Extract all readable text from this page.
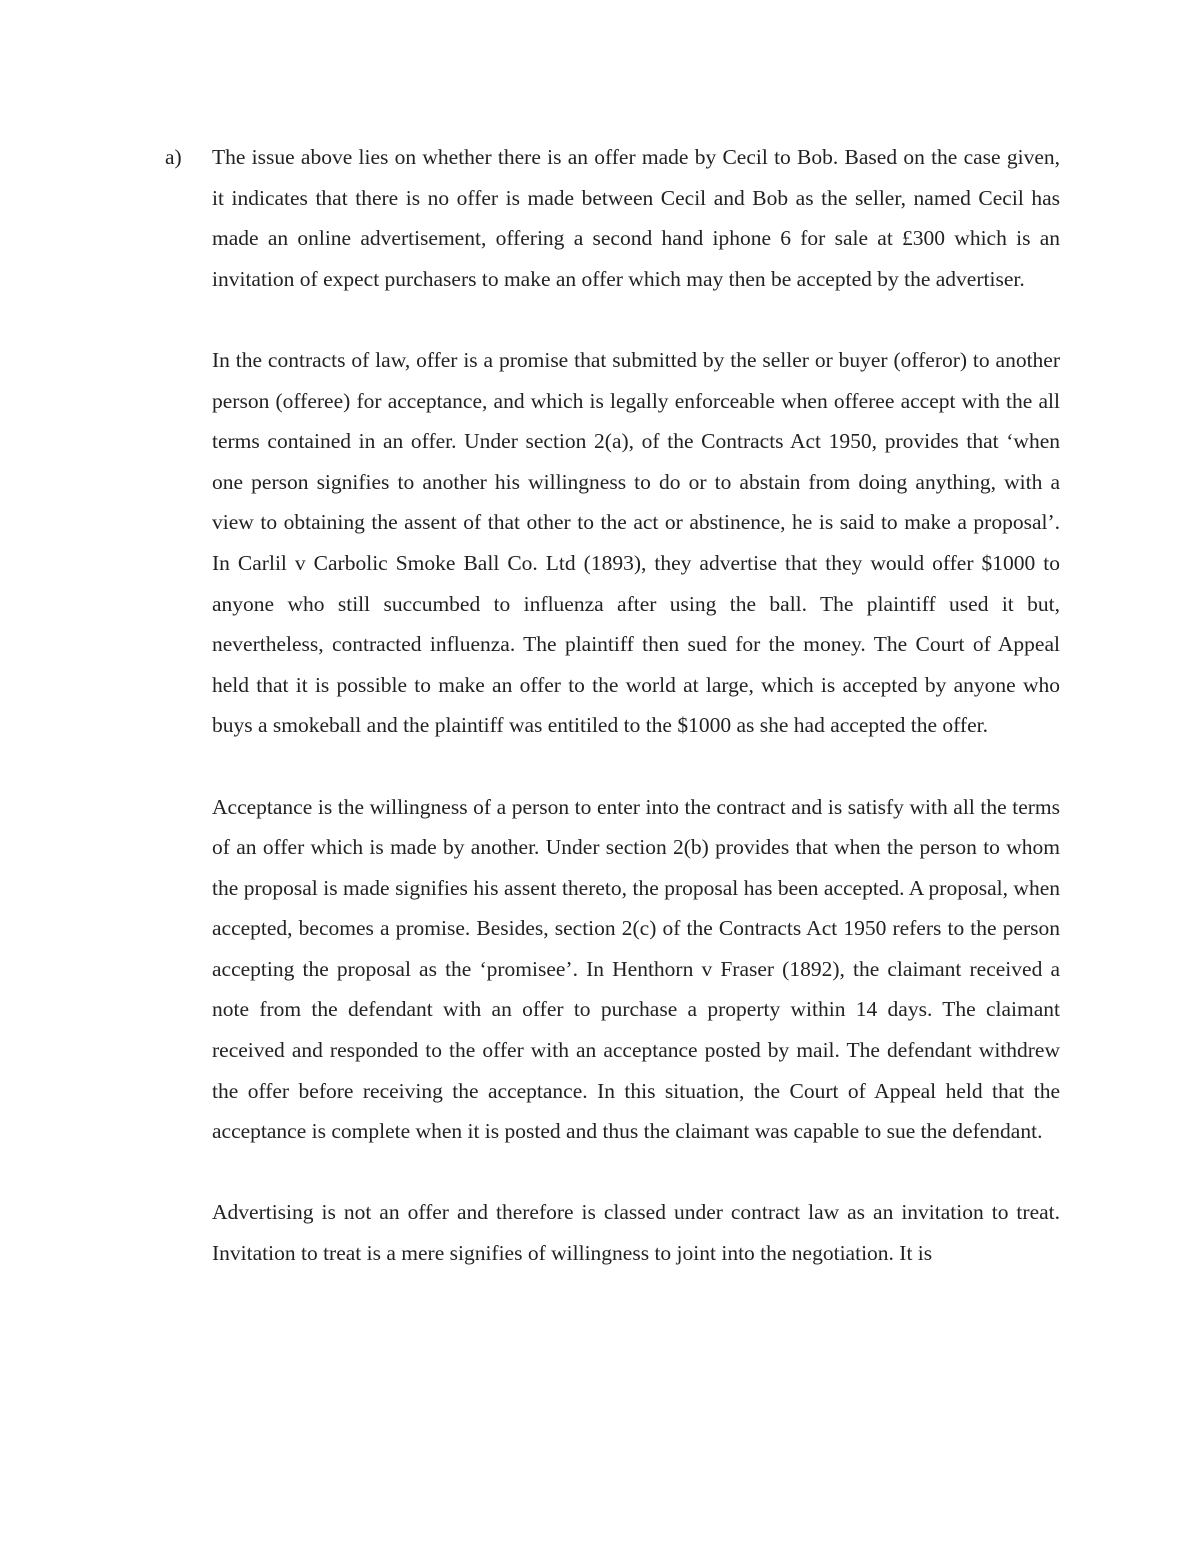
a)	The issue above lies on whether there is an offer made by Cecil to Bob. Based on the case given, it indicates that there is no offer is made between Cecil and Bob as the seller, named Cecil has made an online advertisement, offering a second hand iphone 6 for sale at £300 which is an invitation of expect purchasers to make an offer which may then be accepted by the advertiser.

In the contracts of law, offer is a promise that submitted by the seller or buyer (offeror) to another person (offeree) for acceptance, and which is legally enforceable when offeree accept with the all terms contained in an offer. Under section 2(a), of the Contracts Act 1950, provides that ‘when one person signifies to another his willingness to do or to abstain from doing anything, with a view to obtaining the assent of that other to the act or abstinence, he is said to make a proposal’. In Carlil v Carbolic Smoke Ball Co. Ltd (1893), they advertise that they would offer $1000 to anyone who still succumbed to influenza after using the ball. The plaintiff used it but, nevertheless, contracted influenza. The plaintiff then sued for the money. The Court of Appeal held that it is possible to make an offer to the world at large, which is accepted by anyone who buys a smokeball and the plaintiff was entitiled to the $1000 as she had accepted the offer.

Acceptance is the willingness of a person to enter into the contract and is satisfy with all the terms of an offer which is made by another. Under section 2(b) provides that when the person to whom the proposal is made signifies his assent thereto, the proposal has been accepted. A proposal, when accepted, becomes a promise. Besides, section 2(c) of the Contracts Act 1950 refers to the person accepting the proposal as the ‘promisee’. In Henthorn v Fraser (1892), the claimant received a note from the defendant with an offer to purchase a property within 14 days. The claimant received and responded to the offer with an acceptance posted by mail. The defendant withdrew the offer before receiving the acceptance. In this situation, the Court of Appeal held that the acceptance is complete when it is posted and thus the claimant was capable to sue the defendant.

Advertising is not an offer and therefore is classed under contract law as an invitation to treat. Invitation to treat is a mere signifies of willingness to joint into the negotiation. It is
